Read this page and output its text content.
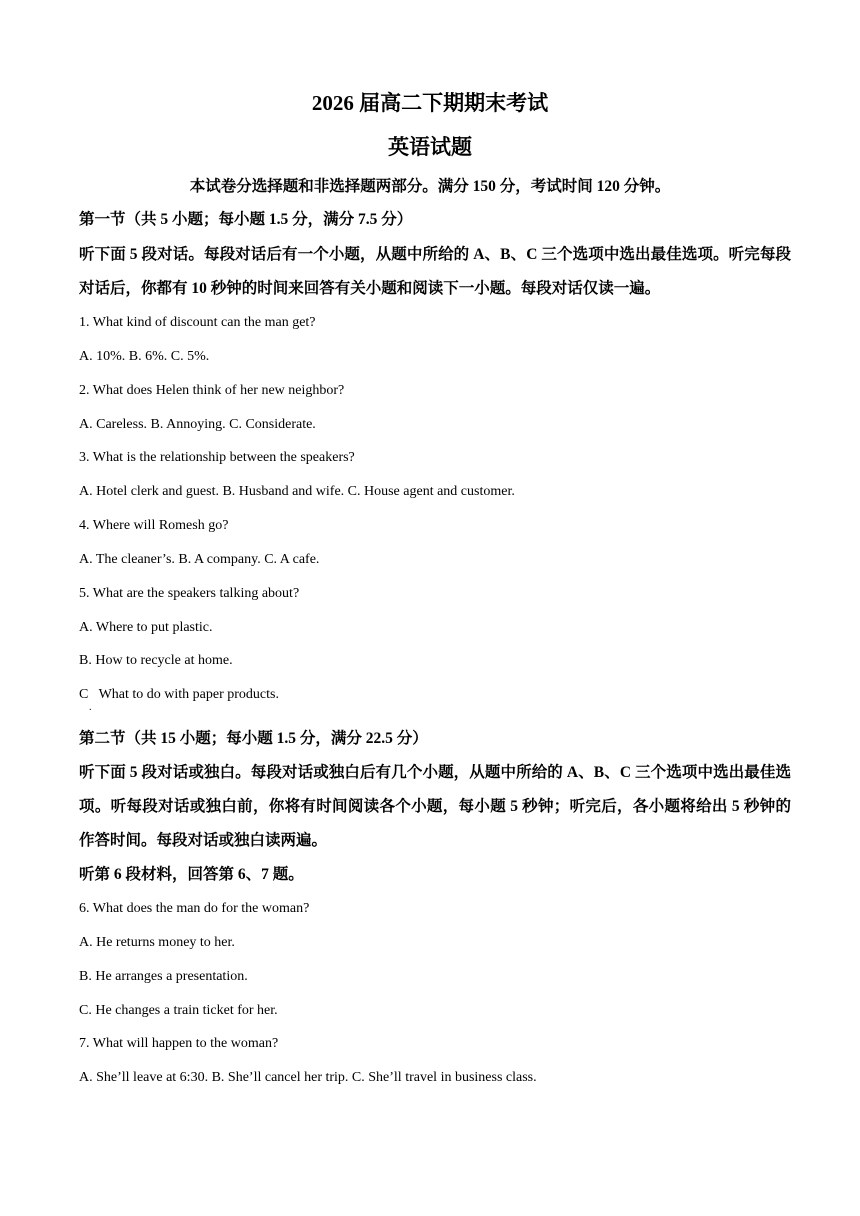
2026 届高二下期期末考试
英语试题
本试卷分选择题和非选择题两部分。满分 150 分，考试时间 120 分钟。
第一节（共 5 小题；每小题 1.5 分，满分 7.5 分）
听下面 5 段对话。每段对话后有一个小题，从题中所给的 A、B、C 三个选项中选出最佳选项。听完每段对话后，你都有 10 秒钟的时间来回答有关小题和阅读下一小题。每段对话仅读一遍。
1. What kind of discount can the man get?
A. 10%. B. 6%. C. 5%.
2. What does Helen think of her new neighbor?
A. Careless. B. Annoying. C. Considerate.
3. What is the relationship between the speakers?
A. Hotel clerk and guest. B. Husband and wife. C. House agent and customer.
4. Where will Romesh go?
A. The cleaner’s. B. A company. C. A cafe.
5. What are the speakers talking about?
A. Where to put plastic.
B. How to recycle at home.
C   What to do with paper products.
.
第二节（共 15 小题；每小题 1.5 分，满分 22.5 分）
听下面 5 段对话或独白。每段对话或独白后有几个小题，从题中所给的 A、B、C 三个选项中选出最佳选项。听每段对话或独白前，你将有时间阅读各个小题，每小题 5 秒钟；听完后，各小题将给出 5 秒钟的作答时间。每段对话或独白读两遍。
听第 6 段材料，回答第 6、7 题。
6. What does the man do for the woman?
A. He returns money to her.
B. He arranges a presentation.
C. He changes a train ticket for her.
7. What will happen to the woman?
A. She’ll leave at 6:30. B. She’ll cancel her trip. C. She’ll travel in business class.
